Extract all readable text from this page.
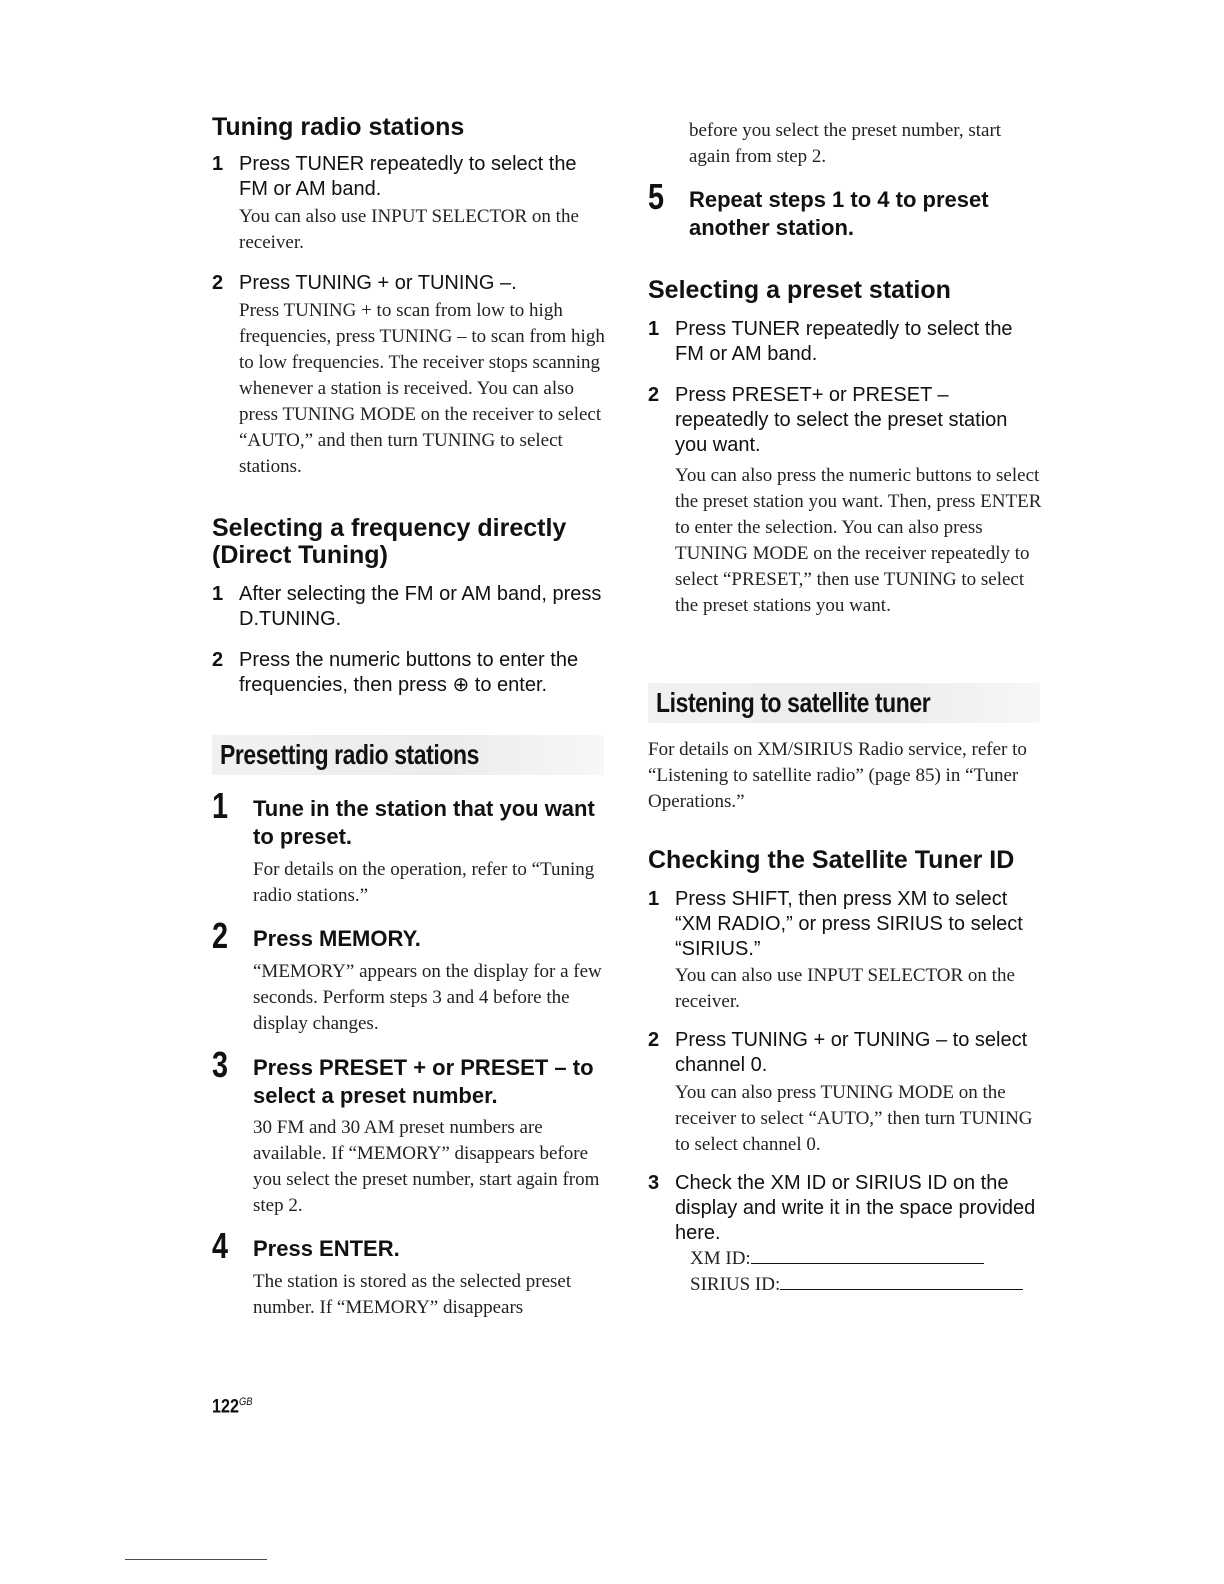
Tuning radio stations
1 Press TUNER repeatedly to select the FM or AM band.
You can also use INPUT SELECTOR on the receiver.
2 Press TUNING + or TUNING –.
Press TUNING + to scan from low to high frequencies, press TUNING – to scan from high to low frequencies. The receiver stops scanning whenever a station is received. You can also press TUNING MODE on the receiver to select “AUTO,” and then turn TUNING to select stations.
Selecting a frequency directly (Direct Tuning)
1 After selecting the FM or AM band, press D.TUNING.
2 Press the numeric buttons to enter the frequencies, then press ⊕ to enter.
Presetting radio stations
1 Tune in the station that you want to preset.
For details on the operation, refer to “Tuning radio stations.”
2 Press MEMORY.
“MEMORY” appears on the display for a few seconds. Perform steps 3 and 4 before the display changes.
3 Press PRESET + or PRESET – to select a preset number.
30 FM and 30 AM preset numbers are available. If “MEMORY” disappears before you select the preset number, start again from step 2.
4 Press ENTER.
The station is stored as the selected preset number. If “MEMORY” disappears
before you select the preset number, start again from step 2.
5 Repeat steps 1 to 4 to preset another station.
Selecting a preset station
1 Press TUNER repeatedly to select the FM or AM band.
2 Press PRESET+ or PRESET – repeatedly to select the preset station you want.
You can also press the numeric buttons to select the preset station you want. Then, press ENTER to enter the selection. You can also press TUNING MODE on the receiver repeatedly to select “PRESET,” then use TUNING to select the preset stations you want.
Listening to satellite tuner
For details on XM/SIRIUS Radio service, refer to “Listening to satellite radio” (page 85) in “Tuner Operations.”
Checking the Satellite Tuner ID
1 Press SHIFT, then press XM to select “XM RADIO,” or press SIRIUS to select “SIRIUS.”
You can also use INPUT SELECTOR on the receiver.
2 Press TUNING + or TUNING – to select channel 0.
You can also press TUNING MODE on the receiver to select “AUTO,” then turn TUNING to select channel 0.
3 Check the XM ID or SIRIUS ID on the display and write it in the space provided here.
XM ID:
SIRIUS ID:
$122^{GB}$
